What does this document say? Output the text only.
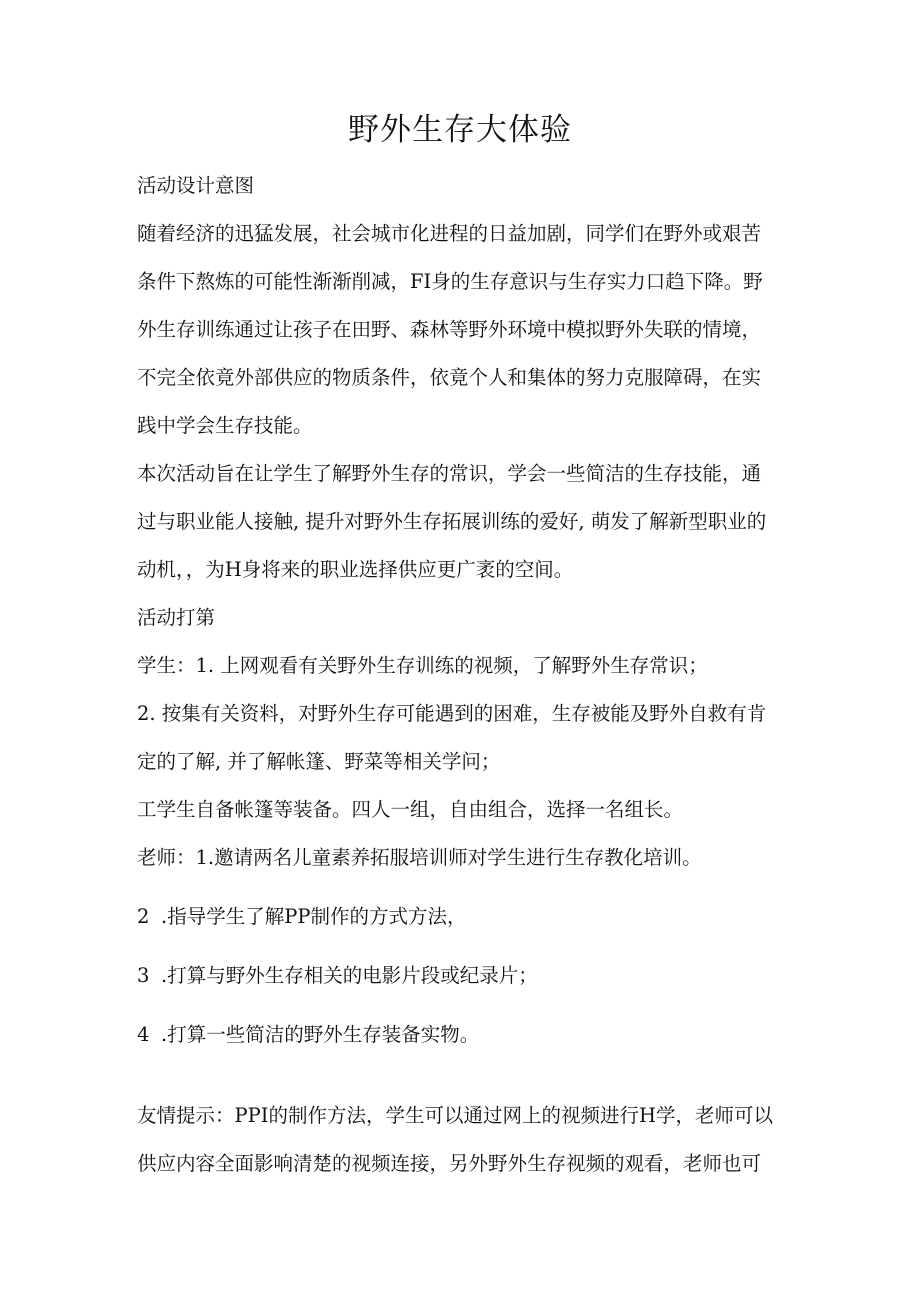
野外生存大体验

活动设计意图

随着经济的迅猛发展，社会城市化进程的日益加剧，同学们在野外或艰苦

条件下熬炼的可能性渐渐削减，FI身的生存意识与生存实力口趋下降。野

外生存训练通过让孩子在田野、森林等野外环境中模拟野外失联的情境，

不完全依竟外部供应的物质条件，依竟个人和集体的努力克服障碍，在实

践中学会生存技能。

本次活动旨在让学生了解野外生存的常识，学会一些简洁的生存技能，通

过与职业能人接触, 提升对野外生存拓展训练的爱好, 萌发了解新型职业的

动机，，为H身将来的职业选择供应更广袤的空间。

活动打第

学生：1. 上网观看有关野外生存训练的视频，了解野外生存常识；

2. 按集有关资料，对野外生存可能遇到的困难，生存被能及野外自救有肯

定的了解, 并了解帐篷、野菜等相关学问；

工学生自备帐篷等装备。四人一组，自由组合，选择一名组长。

老师：1.邀请两名儿童素养拓服培训师对学生进行生存教化培训。

2 .指导学生了解PP制作的方式方法，

3 .打算与野外生存相关的电影片段或纪录片；

4 .打算一些简洁的野外生存装备实物。

友情提示：PPI的制作方法，学生可以通过网上的视频进行H学，老师可以

供应内容全面影响清楚的视频连接，另外野外生存视频的观看，老师也可
